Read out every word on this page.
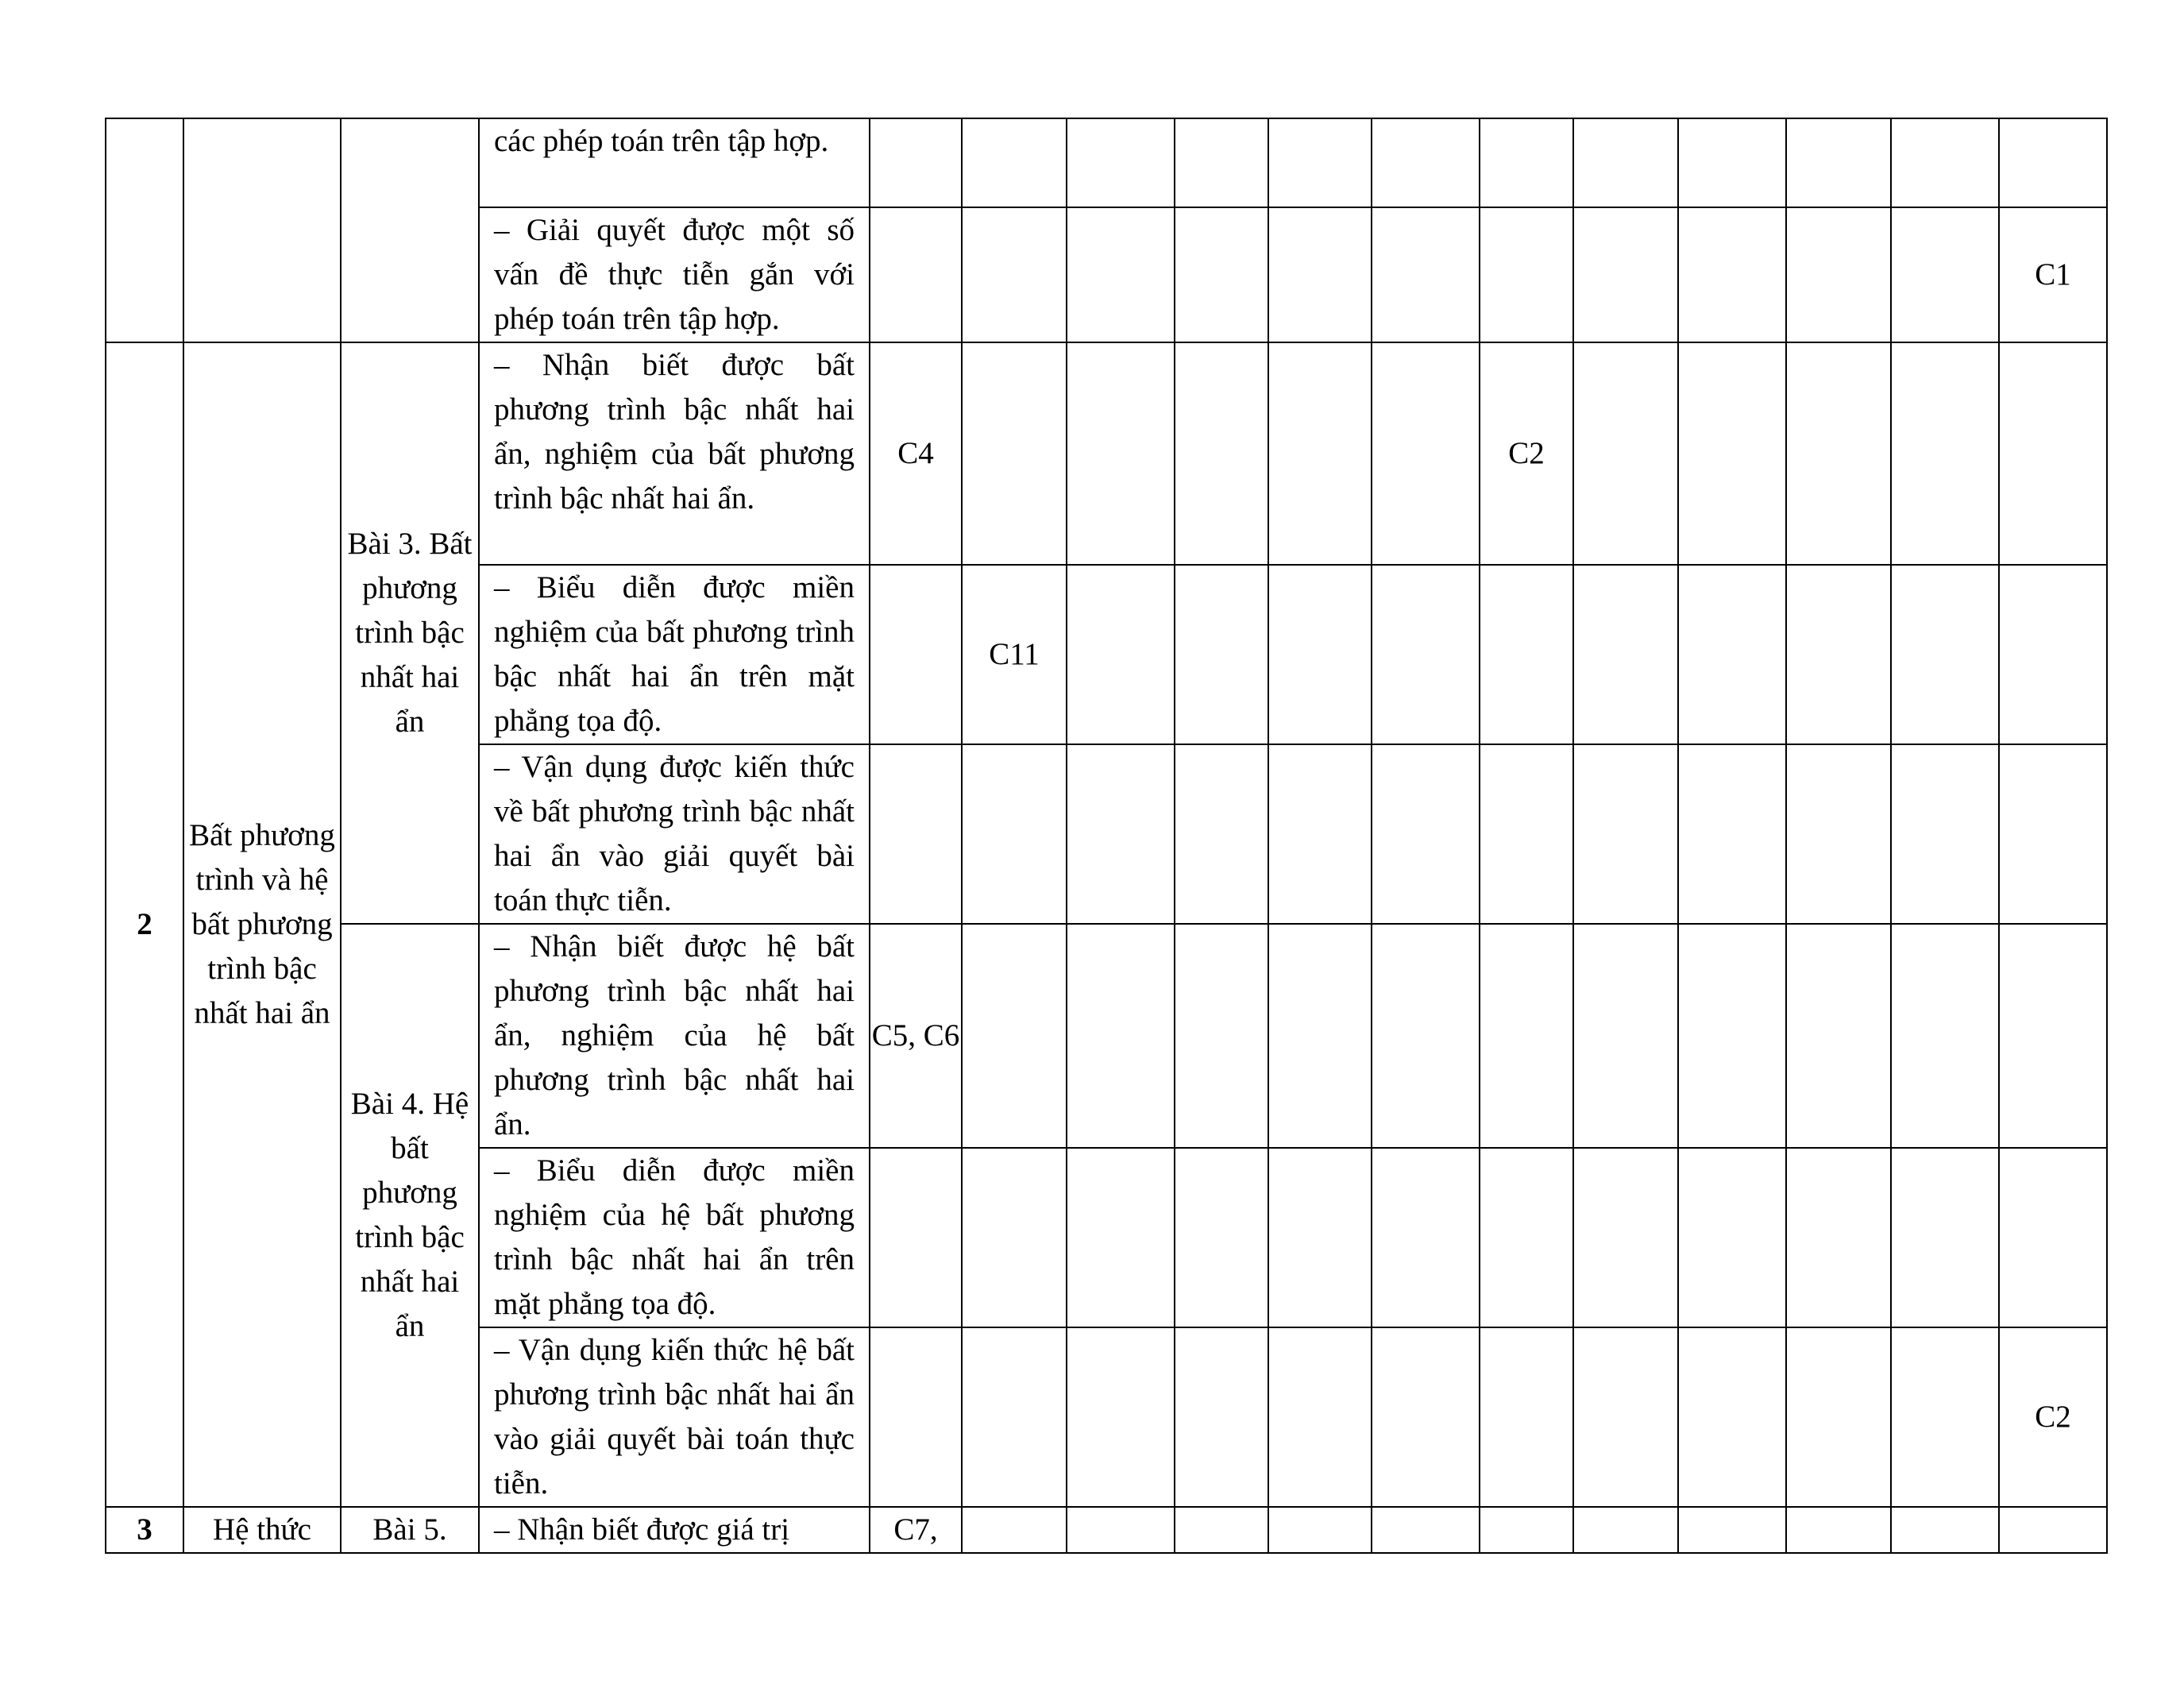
			các phép toán trên tập hợp.												
			– Giải quyết được một số vấn đề thực tiễn gắn với phép toán trên tập hợp.												C1
2	Bất phương trình và hệ bất phương trình bậc nhất hai ẩn	Bài 3. Bất phương trình bậc nhất hai ẩn	– Nhận biết được bất phương trình bậc nhất hai ẩn, nghiệm của bất phương trình bậc nhất hai ẩn.	C4						C2					
			– Biểu diễn được miền nghiệm của bất phương trình bậc nhất hai ẩn trên mặt phẳng tọa độ.		C11										
			– Vận dụng được kiến thức về bất phương trình bậc nhất hai ẩn vào giải quyết bài toán thực tiễn.												

		Bài 4. Hệ bất phương trình bậc nhất hai ẩn	– Nhận biết được hệ bất phương trình bậc nhất hai ẩn, nghiệm của hệ bất phương trình bậc nhất hai ẩn.	C5, C6											
			– Biểu diễn được miền nghiệm của hệ bất phương trình bậc nhất hai ẩn trên mặt phẳng tọa độ.												
			– Vận dụng kiến thức hệ bất phương trình bậc nhất hai ẩn vào giải quyết bài toán thực tiễn.												C2
3	Hệ thức	Bài 5.	– Nhận biết được giá trị	C7,											
